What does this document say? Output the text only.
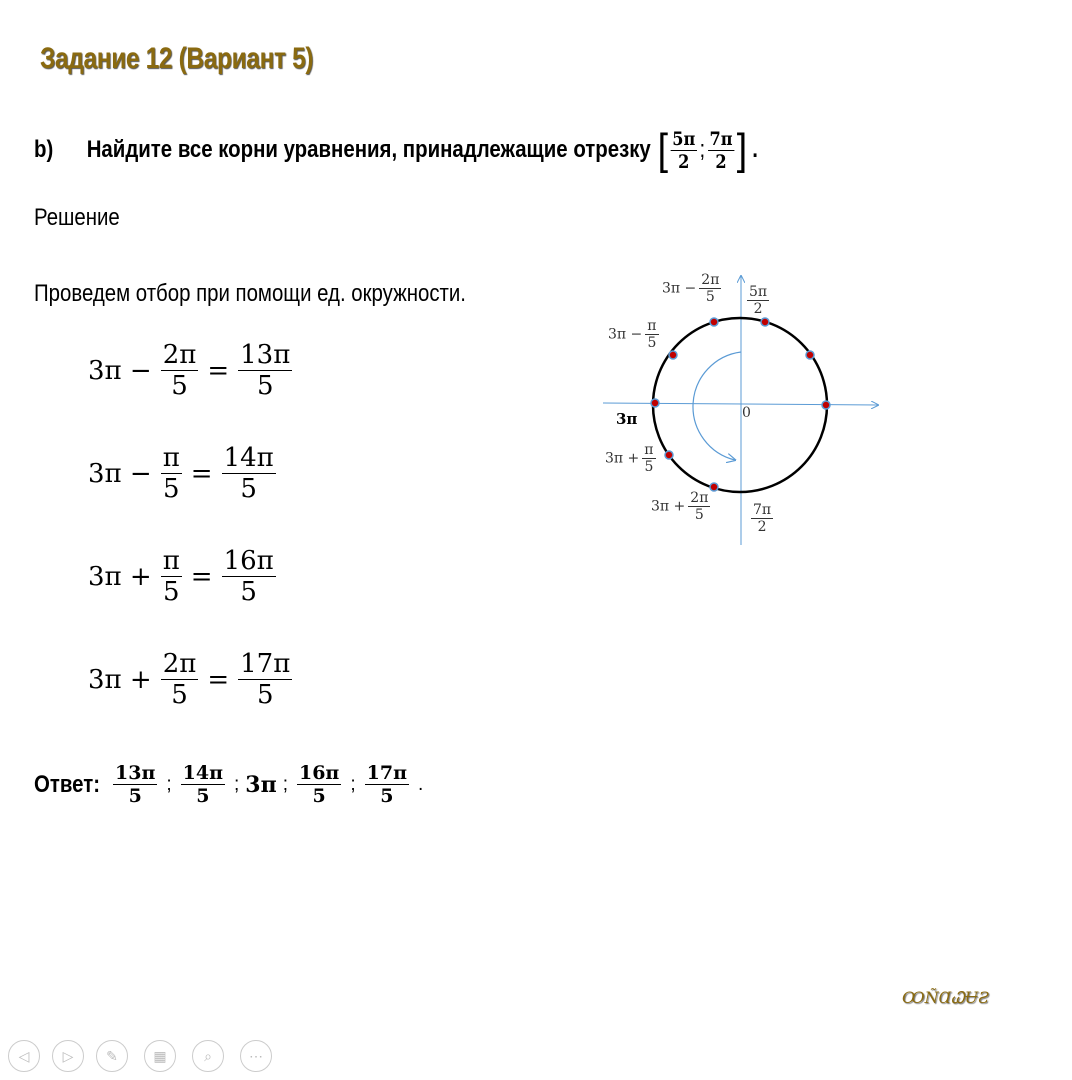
Задание 12 (Вариант 5)
b)	Найдите все корни уравнения, принадлежащие отрезку [ $\frac{5\pi}{2}$ ; $\frac{7\pi}{2}$ ] .
Решение
Проведем отбор при помощи ед. окружности.
$3\pi - \frac{2\pi}{5} = \frac{13\pi}{5}$
$3\pi - \frac{\pi}{5} = \frac{14\pi}{5}$
$3\pi + \frac{\pi}{5} = \frac{16\pi}{5}$
$3\pi + \frac{2\pi}{5} = \frac{17\pi}{5}$
Ответ: $\frac{13\pi}{5}$ ; $\frac{14\pi}{5}$ ; 3π ; $\frac{16\pi}{5}$ ; $\frac{17\pi}{5}$ .
0
3π
$\frac{5\pi}{2}$
$\frac{7\pi}{2}$
$3\pi - \frac{2\pi}{5}$
$3\pi - \frac{\pi}{5}$
$3\pi + \frac{\pi}{5}$
$3\pi + \frac{2\pi}{5}$
ꝎÑⱭᏇɄƧ
◁	▷	✎	▦	⌕	⋯
